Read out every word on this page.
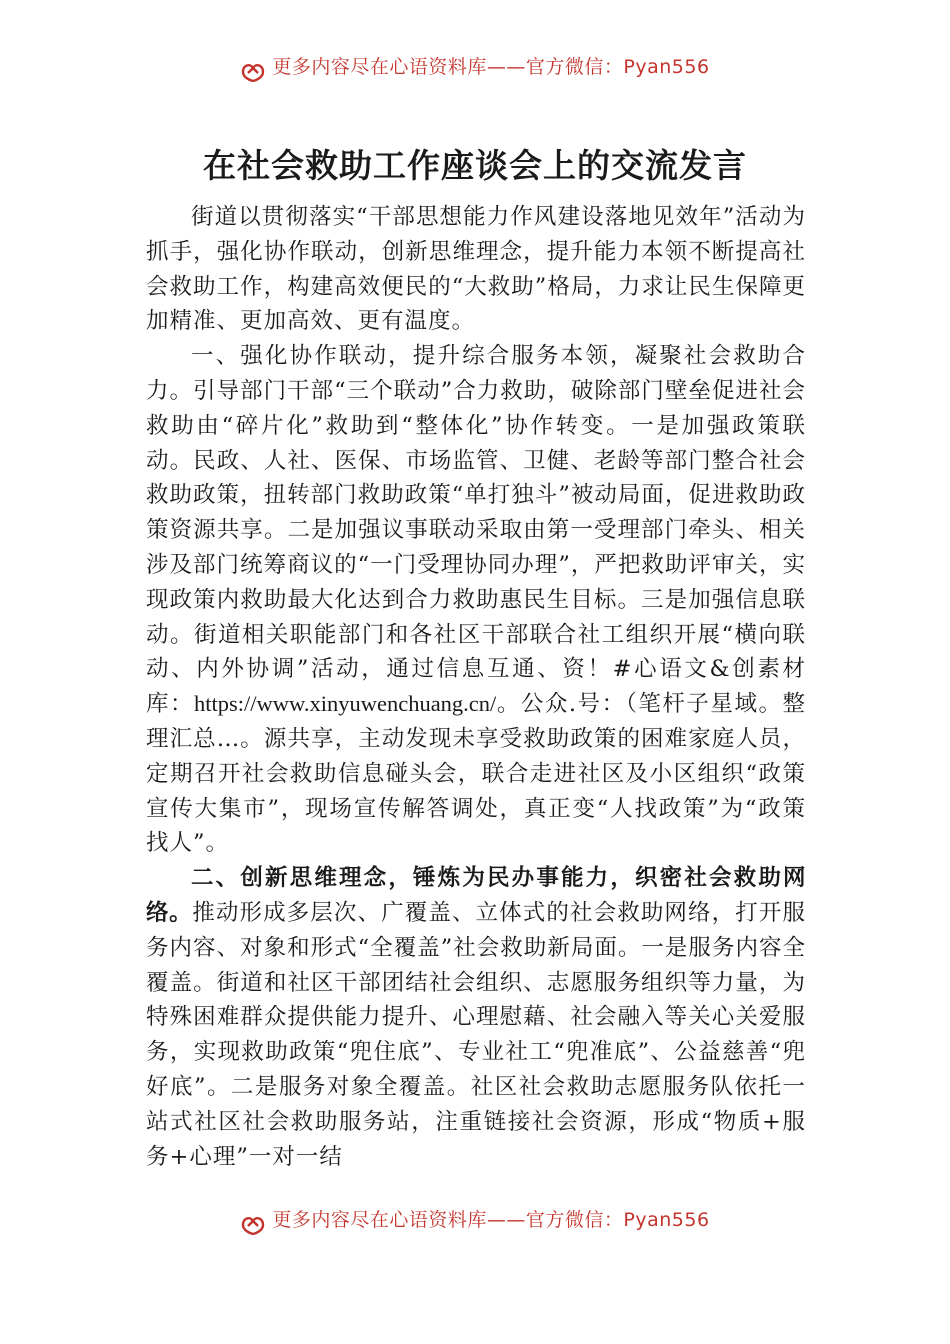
更多内容尽在心语资料库——官方微信：Pyan556
在社会救助工作座谈会上的交流发言

街道以贯彻落实“干部思想能力作风建设落地见效年”活动为抓手，强化协作联动，创新思维理念，提升能力本领不断提高社会救助工作，构建高效便民的“大救助”格局，力求让民生保障更加精准、更加高效、更有温度。

一、强化协作联动，提升综合服务本领，凝聚社会救助合力。引导部门干部“三个联动”合力救助，破除部门壁垒促进社会救助由“碎片化”救助到“整体化”协作转变。一是加强政策联动。民政、人社、医保、市场监管、卫健、老龄等部门整合社会救助政策，扭转部门救助政策“单打独斗”被动局面，促进救助政策资源共享。二是加强议事联动采取由第一受理部门牵头、相关涉及部门统筹商议的“一门受理协同办理”，严把救助评审关，实现政策内救助最大化达到合力救助惠民生目标。三是加强信息联动。街道相关职能部门和各社区干部联合社工组织开展“横向联动、内外协调”活动，通过信息互通、资！#心语文&创素材库：https://www.xinyuwenchuang.cn/。公众.号：（笔杆子星域。整理汇总…。源共享，主动发现未享受救助政策的困难家庭人员，定期召开社会救助信息碰头会，联合走进社区及小区组织“政策宣传大集市”，现场宣传解答调处，真正变“人找政策”为“政策找人”。

二、创新思维理念，锤炼为民办事能力，织密社会救助网络。推动形成多层次、广覆盖、立体式的社会救助网络，打开服务内容、对象和形式“全覆盖”社会救助新局面。一是服务内容全覆盖。街道和社区干部团结社会组织、志愿服务组织等力量，为特殊困难群众提供能力提升、心理慰藉、社会融入等关心关爱服务，实现救助政策“兜住底”、专业社工“兜准底”、公益慈善“兜好底”。二是服务对象全覆盖。社区社会救助志愿服务队依托一站式社区社会救助服务站，注重链接社会资源，形成“物质+服务+心理”一对一结

更多内容尽在心语资料库——官方微信：Pyan556
